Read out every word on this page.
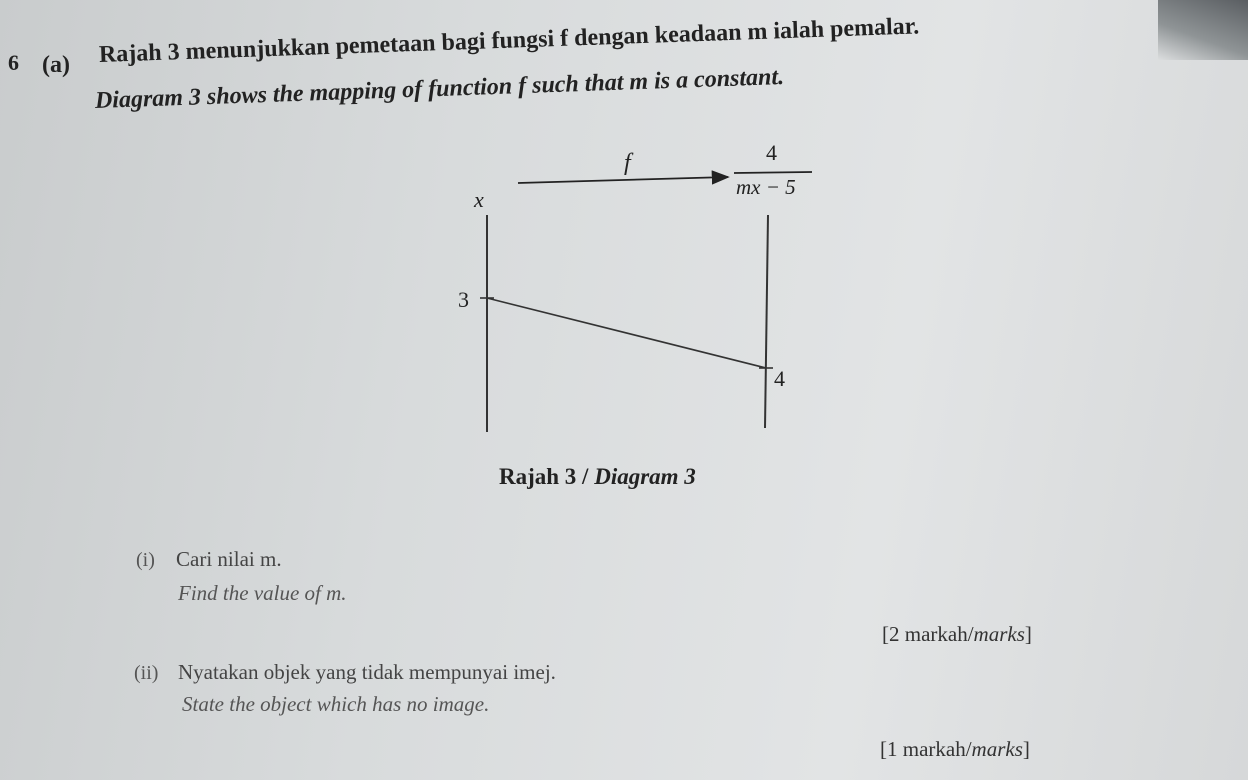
6 (a) Rajah 3 menunjukkan pemetaan bagi fungsi f dengan keadaan m ialah pemalar.
Diagram 3 shows the mapping of function f such that m is a constant.
x
f	4
mx − 5
3
4
Rajah 3 / Diagram 3
(i) Cari nilai m.
Find the value of m.
[2 markah/marks]
(ii) Nyatakan objek yang tidak mempunyai imej.
State the object which has no image.
[1 markah/marks]
